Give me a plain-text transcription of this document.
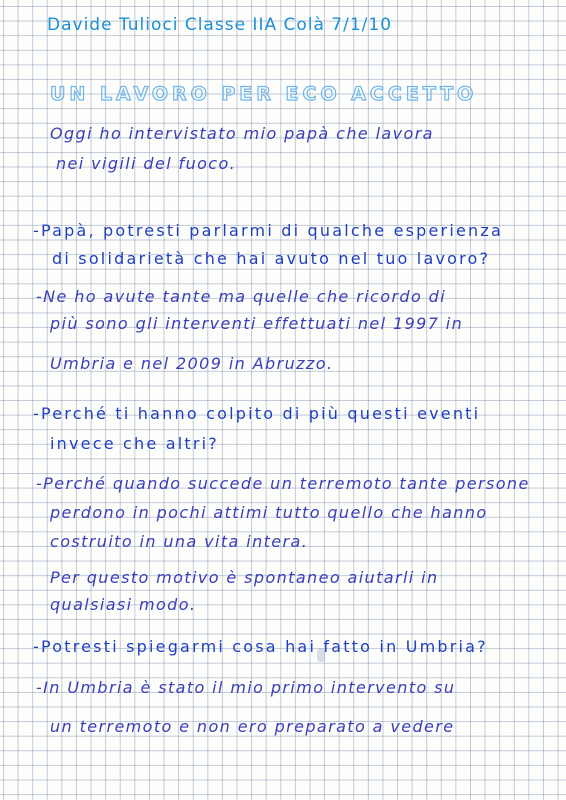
Davide Tulioci Classe IIA Colà 7/1/10
UN LAVORO PER ECO ACCETTO
Oggi ho intervistato mio papà che lavora
nei vigili del fuoco.
-Papà, potresti parlarmi di qualche esperienza
di solidarietà che hai avuto nel tuo lavoro?
-Ne ho avute tante ma quelle che ricordo di
più sono gli interventi effettuati nel 1997 in
Umbria e nel 2009 in Abruzzo.
-Perché ti hanno colpito di più questi eventi
invece che altri?
-Perché quando succede un terremoto tante persone
perdono in pochi attimi tutto quello che hanno
costruito in una vita intera.
Per questo motivo è spontaneo aiutarli in
qualsiasi modo.
-Potresti spiegarmi cosa hai fatto in Umbria?
-In Umbria è stato il mio primo intervento su
un terremoto e non ero preparato a vedere
